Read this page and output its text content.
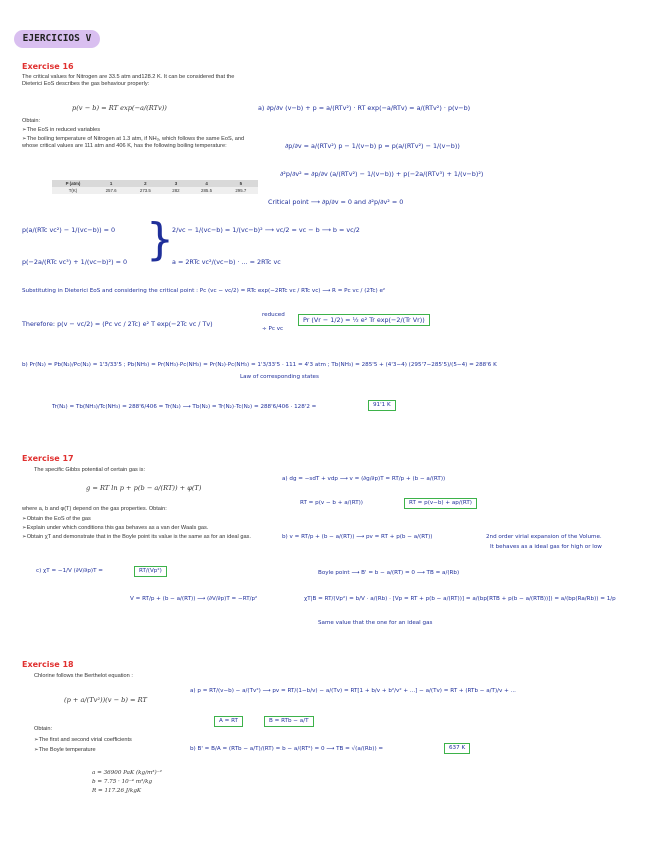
EJERCICIOS V
Exercise 16
The critical values for Nitrogen are 33.5 atm and128.2 K. It can be considered that the Dieterici EoS describes the gas behaviour properly:
p(v − b) = RT exp(−a/(RTv))
Obtain:
➢ The EoS in reduced variables
➢ The boiling temperature of Nitrogen at 1.3 atm, if NH₃, which follows the same EoS, and whose critical values are 111 atm and 406 K, has the following boiling temperature:
P (atm)	1	2	3	4	5
T(K)	257.6	273.5	282	285.5	295.7
a) ∂p/∂v (v−b) + p = a/(RTv²) · RT exp(−a/RTv) = a/(RTv²) · p(v−b)
∂p/∂v = a/(RTv²) p − 1/(v−b) p = p(a/(RTv²) − 1/(v−b))
∂²p/∂v² = ∂p/∂v (a/(RTv²) − 1/(v−b)) + p(−2a/(RTv³) + 1/(v−b)²)
Critical point ⟶ ∂p/∂v = 0 and ∂²p/∂v² = 0
p(a/(RTc vc²) − 1/(vc−b)) = 0
p(−2a/(RTc vc³) + 1/(vc−b)²) = 0 }
2/vc − 1/(vc−b) = 1/(vc−b)² ⟶ vc/2 = vc − b ⟶ b = vc/2
a = 2RTc vc²/(vc−b) · ... = 2RTc vc
Substituting in Dieterici EoS and considering the critical point : Pc (vc − vc/2) = RTc exp(−2RTc vc / RTc vc) ⟶ R = Pc vc / (2Tc) e²
Therefore: p(v − vc/2) = (Pc vc / 2Tc) e² T exp(−2Tc vc / Tv)
reduced
÷ Pc vc
Pr (Vr − 1/2) = ½ e² Tr exp(−2/(Tr Vr))
b) Pr(N₂) = Pb(N₂)/Pc(N₂) = 1'3/33'5 ; Pb(NH₃) = Pr(NH₃)·Pc(NH₃) = Pr(N₂)·Pc(NH₃) = 1'3/33'5 · 111 = 4'3 atm ; Tb(NH₃) = 285'5 + (4'3−4) (295'7−285'5)/(5−4) = 288'6 K
Law of corresponding states
Tr(N₂) = Tb(NH₃)/Tc(NH₃) = 288'6/406 = Tr(N₂) ⟶ Tb(N₂) = Tr(N₂)·Tc(N₂) = 288'6/406 · 128'2 =	91'1 K
Exercise 17
The specific Gibbs potential of certain gas is:
g = RT ln p + p(b − a/(RT)) + φ(T)
where a, b and φ(T) depend on the gas properties. Obtain:
➢ Obtain the EoS of the gas
➢ Explain under which conditions this gas behaves as a van der Waals gas.
➢ Obtain χT and demonstrate that in the Boyle point its value is the same as for an ideal gas.
c) χT = −1/V (∂V/∂p)T =	RT/(Vp²)
V = RT/p + (b − a/(RT)) ⟶ (∂V/∂p)T = −RT/p²
a) dg = −sdT + vdp ⟶ v = (∂g/∂p)T = RT/p + (b − a/(RT))
RT = p(v − b + a/(RT))	RT = p(v−b) + ap/(RT)
b) v = RT/p + (b − a/(RT)) ⟶ pv = RT + p(b − a/(RT))	2nd order virial expansion of the Volume.
It behaves as a ideal gas for high or low
Boyle point ⟶ B' = b − a/(RT) = 0 ⟶ TB = a/(Rb)
χT|B = RT/(Vp²) = b/V · a/(Rb) · [Vp = RT + p(b − a/(RT))] = a/(bp[RTB + p(b − a/(RTB))]) = a/(bp(Ra/Rb)) = 1/p
Same value that the one for an ideal gas
Exercise 18
Chlorine follows the Berthelot equation :
(p + a/(Tv²))(v − b) = RT
Obtain:
➢ The first and second virial coefficients
➢ The Boyle temperature
a = 36900 PaK (kg/m³)⁻²
b = 7.75 · 10⁻⁴ m³/kg
R = 117.26 J/kgK
a) p = RT/(v−b) − a/(Tv²) ⟶ pv = RT/(1−b/v) − a/(Tv) = RT[1 + b/v + b²/v² + ...] − a/(Tv) = RT + (RTb − a/T)/v + ...
A = RT	B = RTb − a/T
b) B' = B/A = (RTb − a/T)/(RT) = b − a/(RT²) = 0 ⟶ TB = √(a/(Rb)) =	637 K
